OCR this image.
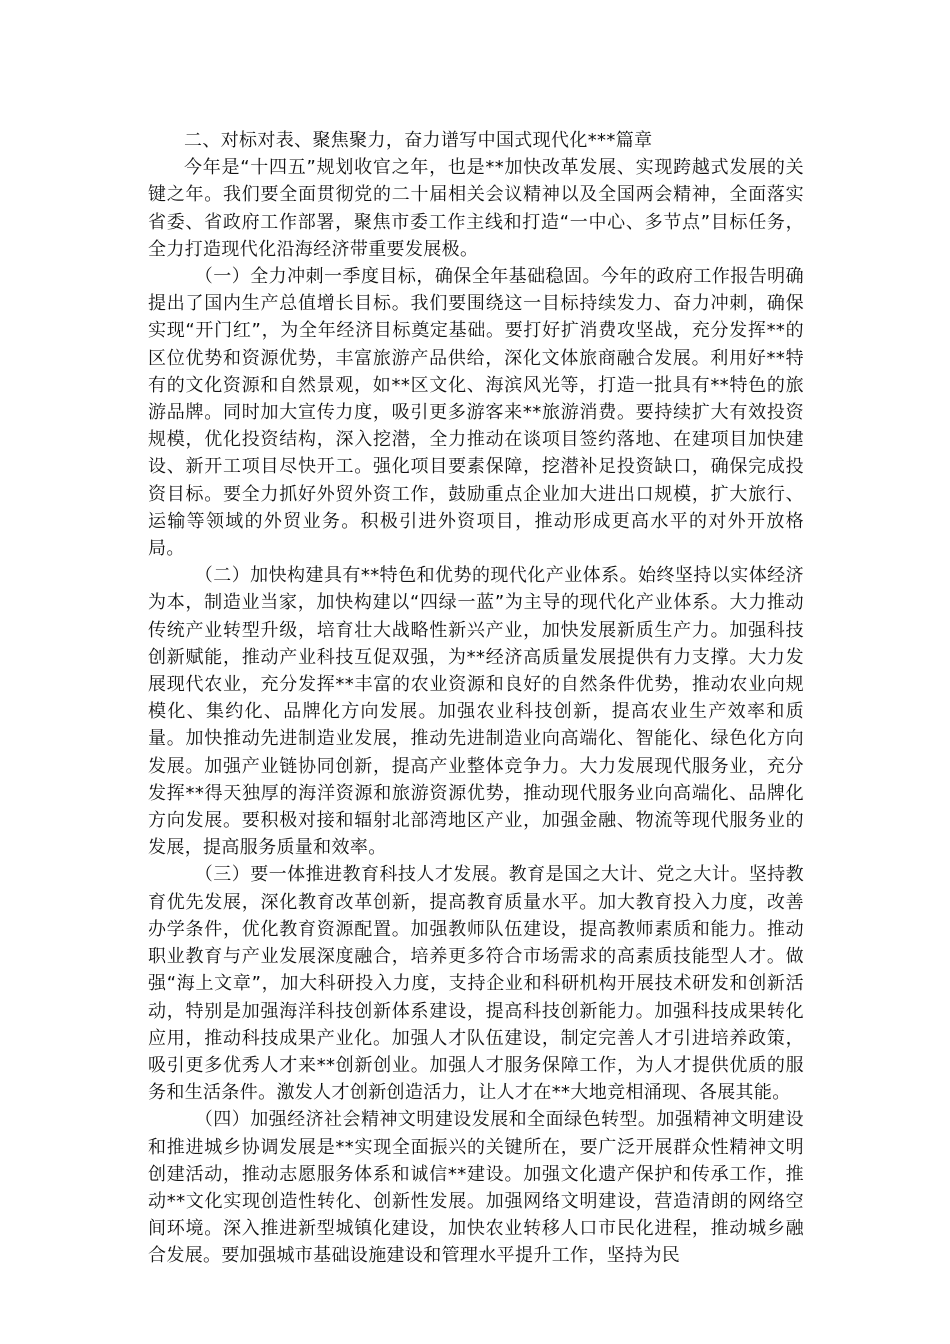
二、对标对表、聚焦聚力，奋力谱写中国式现代化***篇章

今年是“十四五”规划收官之年，也是**加快改革发展、实现跨越式发展的关键之年。我们要全面贯彻党的二十届相关会议精神以及全国两会精神，全面落实省委、省政府工作部署，聚焦市委工作主线和打造“一中心、多节点”目标任务，全力打造现代化沿海经济带重要发展极。

（一）全力冲刺一季度目标，确保全年基础稳固。今年的政府工作报告明确提出了国内生产总值增长目标。我们要围绕这一目标持续发力、奋力冲刺，确保实现“开门红”，为全年经济目标奠定基础。要打好扩消费攻坚战，充分发挥**的区位优势和资源优势，丰富旅游产品供给，深化文体旅商融合发展。利用好**特有的文化资源和自然景观，如**区文化、海滨风光等，打造一批具有**特色的旅游品牌。同时加大宣传力度，吸引更多游客来**旅游消费。要持续扩大有效投资规模，优化投资结构，深入挖潜，全力推动在谈项目签约落地、在建项目加快建设、新开工项目尽快开工。强化项目要素保障，挖潜补足投资缺口，确保完成投资目标。要全力抓好外贸外资工作，鼓励重点企业加大进出口规模，扩大旅行、运输等领域的外贸业务。积极引进外资项目，推动形成更高水平的对外开放格局。

（二）加快构建具有**特色和优势的现代化产业体系。始终坚持以实体经济为本，制造业当家，加快构建以“四绿一蓝”为主导的现代化产业体系。大力推动传统产业转型升级，培育壮大战略性新兴产业，加快发展新质生产力。加强科技创新赋能，推动产业科技互促双强，为**经济高质量发展提供有力支撑。大力发展现代农业，充分发挥**丰富的农业资源和良好的自然条件优势，推动农业向规模化、集约化、品牌化方向发展。加强农业科技创新，提高农业生产效率和质量。加快推动先进制造业发展，推动先进制造业向高端化、智能化、绿色化方向发展。加强产业链协同创新，提高产业整体竞争力。大力发展现代服务业，充分发挥**得天独厚的海洋资源和旅游资源优势，推动现代服务业向高端化、品牌化方向发展。要积极对接和辐射北部湾地区产业，加强金融、物流等现代服务业的发展，提高服务质量和效率。

（三）要一体推进教育科技人才发展。教育是国之大计、党之大计。坚持教育优先发展，深化教育改革创新，提高教育质量水平。加大教育投入力度，改善办学条件，优化教育资源配置。加强教师队伍建设，提高教师素质和能力。推动职业教育与产业发展深度融合，培养更多符合市场需求的高素质技能型人才。做强“海上文章”，加大科研投入力度，支持企业和科研机构开展技术研发和创新活动，特别是加强海洋科技创新体系建设，提高科技创新能力。加强科技成果转化应用，推动科技成果产业化。加强人才队伍建设，制定完善人才引进培养政策，吸引更多优秀人才来**创新创业。加强人才服务保障工作，为人才提供优质的服务和生活条件。激发人才创新创造活力，让人才在**大地竞相涌现、各展其能。

（四）加强经济社会精神文明建设发展和全面绿色转型。加强精神文明建设和推进城乡协调发展是**实现全面振兴的关键所在，要广泛开展群众性精神文明创建活动，推动志愿服务体系和诚信**建设。加强文化遗产保护和传承工作，推动**文化实现创造性转化、创新性发展。加强网络文明建设，营造清朗的网络空间环境。深入推进新型城镇化建设，加快农业转移人口市民化进程，推动城乡融合发展。要加强城市基础设施建设和管理水平提升工作，坚持为民
